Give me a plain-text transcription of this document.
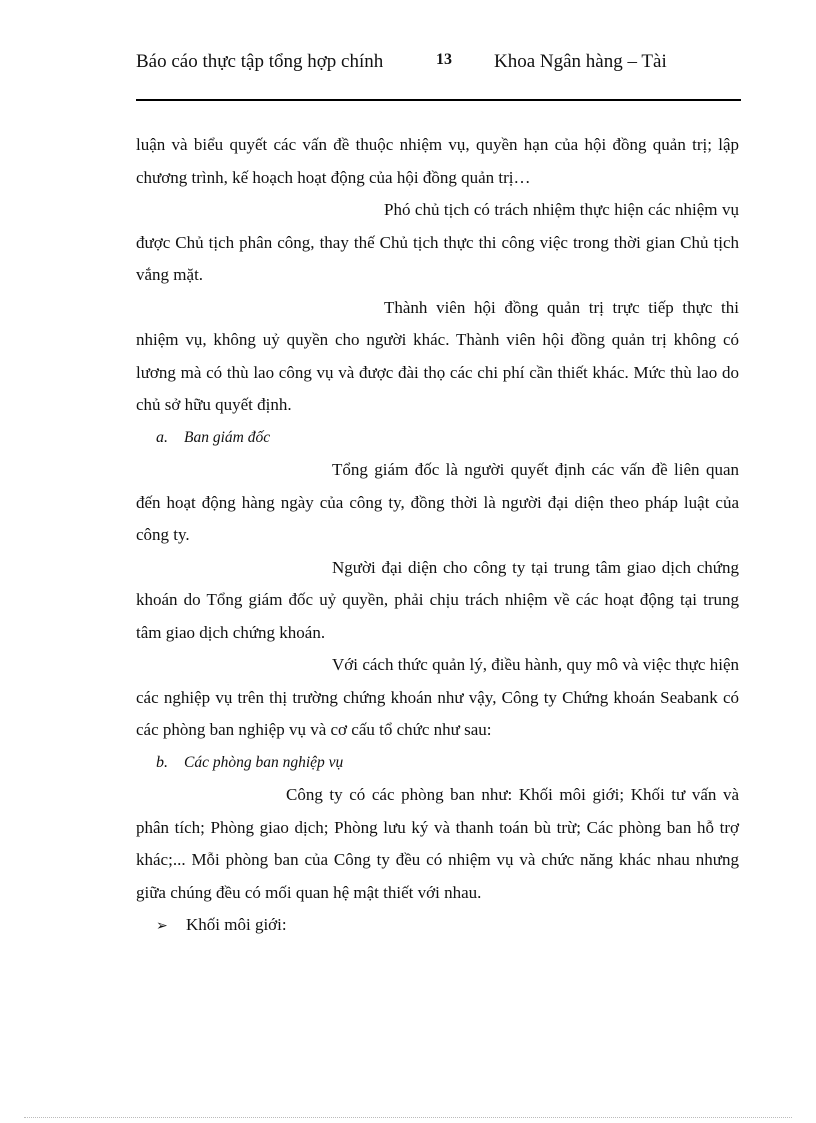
Báo cáo thực tập tổng hợp chính	13 Khoa Ngân hàng – Tài

luận và biểu quyết các vấn đề thuộc nhiệm vụ, quyền hạn của hội đồng quản trị; lập chương trình, kế hoạch hoạt động của hội đồng quản trị…

Phó chủ tịch có trách nhiệm thực hiện các nhiệm vụ được Chủ tịch phân công, thay thế Chủ tịch thực thi công việc trong thời gian Chủ tịch vắng mặt.

Thành viên hội đồng quản trị trực tiếp thực thi nhiệm vụ, không uỷ quyền cho người khác. Thành viên hội đồng quản trị không có lương mà có thù lao công vụ và được đài thọ các chi phí cần thiết khác. Mức thù lao do chủ sở hữu quyết định.

a.	Ban giám đốc

Tổng giám đốc là người quyết định các vấn đề liên quan đến hoạt động hàng ngày của công ty, đồng thời là người đại diện theo pháp luật của công ty.

Người đại diện cho công ty tại trung tâm giao dịch chứng khoán do Tổng giám đốc uỷ quyền, phải chịu trách nhiệm về các hoạt động tại trung tâm giao dịch chứng khoán.

Với cách thức quản lý, điều hành, quy mô và việc thực hiện các nghiệp vụ trên thị trường chứng khoán như vậy, Công ty Chứng khoán Seabank có các phòng ban nghiệp vụ và cơ cấu tổ chức như sau:

b.	Các phòng ban nghiệp vụ

Công ty có các phòng ban như: Khối môi giới; Khối tư vấn và phân tích; Phòng giao dịch; Phòng lưu ký và thanh toán bù trừ; Các phòng ban hỗ trợ khác;... Mỗi phòng ban của Công ty đều có nhiệm vụ và chức năng khác nhau nhưng giữa chúng đều có mối quan hệ mật thiết với nhau.

➢	Khối môi giới:
